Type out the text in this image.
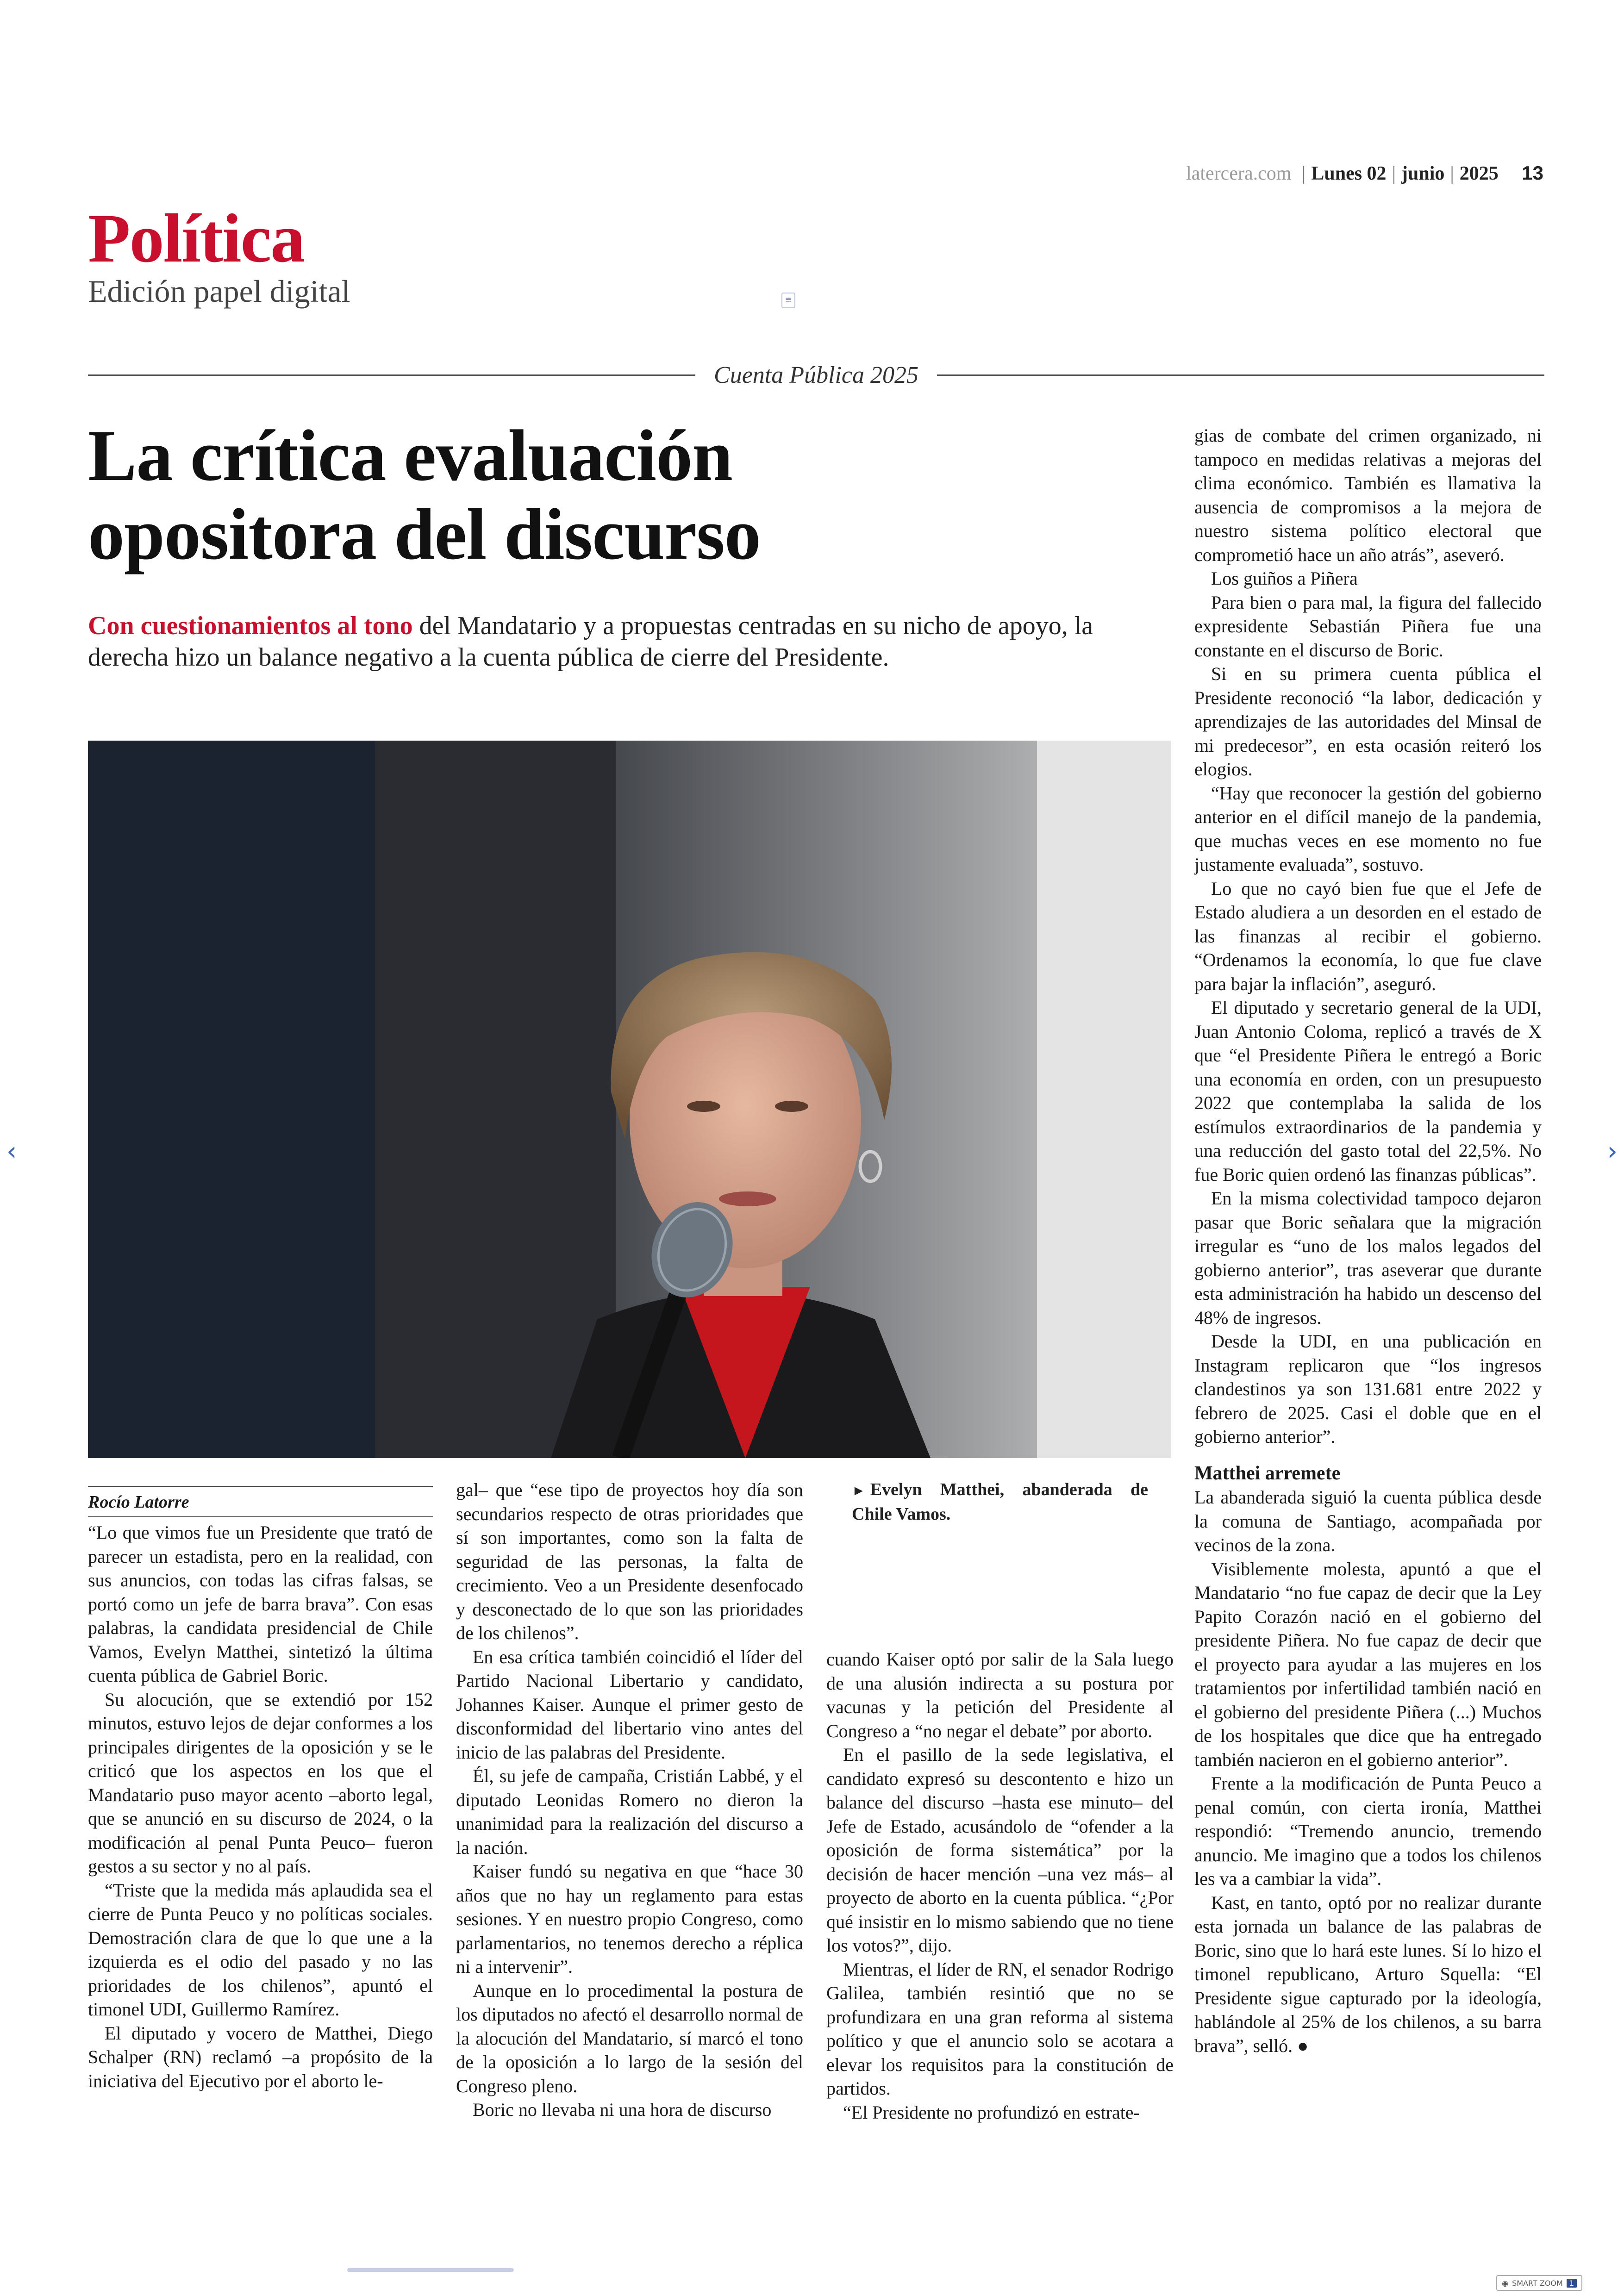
latercera.com | Lunes 02 | junio | 2025 13
Política
Edición papel digital	≡
Cuenta Pública 2025
La crítica evaluación
opositora del discurso
Con cuestionamientos al tono del Mandatario y a propuestas centradas en su nicho de apoyo, la derecha hizo un balance negativo a la cuenta pública de cierre del Presidente.
Rocío Latorre

“Lo que vimos fue un Presidente que trató de parecer un estadista, pero en la realidad, con sus anuncios, con todas las cifras falsas, se portó como un jefe de barra brava”. Con esas palabras, la candidata presidencial de Chile Vamos, Evelyn Matthei, sintetizó la última cuenta pública de Gabriel Boric.

Su alocución, que se extendió por 152 minutos, estuvo lejos de dejar conformes a los principales dirigentes de la oposición y se le criticó que los aspectos en los que el Mandatario puso mayor acento –aborto legal, que se anunció en su discurso de 2024, o la modificación al penal Punta Peuco– fueron gestos a su sector y no al país.

“Triste que la medida más aplaudida sea el cierre de Punta Peuco y no políticas sociales. Demostración clara de que lo que une a la izquierda es el odio del pasado y no las prioridades de los chilenos”, apuntó el timonel UDI, Guillermo Ramírez.

El diputado y vocero de Matthei, Diego Schalper (RN) reclamó –a propósito de la iniciativa del Ejecutivo por el aborto le-

gal– que “ese tipo de proyectos hoy día son secundarios respecto de otras prioridades que sí son importantes, como son la falta de seguridad de las personas, la falta de crecimiento. Veo a un Presidente desenfocado y desconectado de lo que son las prioridades de los chilenos”.

En esa crítica también coincidió el líder del Partido Nacional Libertario y candidato, Johannes Kaiser. Aunque el primer gesto de disconformidad del libertario vino antes del inicio de las palabras del Presidente.

Él, su jefe de campaña, Cristián Labbé, y el diputado Leonidas Romero no dieron la unanimidad para la realización del discurso a la nación.

Kaiser fundó su negativa en que “hace 30 años que no hay un reglamento para estas sesiones. Y en nuestro propio Congreso, como parlamentarios, no tenemos derecho a réplica ni a intervenir”.

Aunque en lo procedimental la postura de los diputados no afectó el desarrollo normal de la alocución del Mandatario, sí marcó el tono de la oposición a lo largo de la sesión del Congreso pleno.

Boric no llevaba ni una hora de discurso

► Evelyn Matthei, abanderada de Chile Vamos.

cuando Kaiser optó por salir de la Sala luego de una alusión indirecta a su postura por vacunas y la petición del Presidente al Congreso a “no negar el debate” por aborto.

En el pasillo de la sede legislativa, el candidato expresó su descontento e hizo un balance del discurso –hasta ese minuto– del Jefe de Estado, acusándolo de “ofender a la oposición de forma sistemática” por la decisión de hacer mención –una vez más– al proyecto de aborto en la cuenta pública. “¿Por qué insistir en lo mismo sabiendo que no tiene los votos?”, dijo.

Mientras, el líder de RN, el senador Rodrigo Galilea, también resintió que no se profundizara en una gran reforma al sistema político y que el anuncio solo se acotara a elevar los requisitos para la constitución de partidos.

“El Presidente no profundizó en estrate-

gias de combate del crimen organizado, ni tampoco en medidas relativas a mejoras del clima económico. También es llamativa la ausencia de compromisos a la mejora de nuestro sistema político electoral que comprometió hace un año atrás”, aseveró.

Los guiños a Piñera

Para bien o para mal, la figura del fallecido expresidente Sebastián Piñera fue una constante en el discurso de Boric.

Si en su primera cuenta pública el Presidente reconoció “la labor, dedicación y aprendizajes de las autoridades del Minsal de mi predecesor”, en esta ocasión reiteró los elogios.

“Hay que reconocer la gestión del gobierno anterior en el difícil manejo de la pandemia, que muchas veces en ese momento no fue justamente evaluada”, sostuvo.

Lo que no cayó bien fue que el Jefe de Estado aludiera a un desorden en el estado de las finanzas al recibir el gobierno. “Ordenamos la economía, lo que fue clave para bajar la inflación”, aseguró.

El diputado y secretario general de la UDI, Juan Antonio Coloma, replicó a través de X que “el Presidente Piñera le entregó a Boric una economía en orden, con un presupuesto 2022 que contemplaba la salida de los estímulos extraordinarios de la pandemia y una reducción del gasto total del 22,5%. No fue Boric quien ordenó las finanzas públicas”.

En la misma colectividad tampoco dejaron pasar que Boric señalara que la migración irregular es “uno de los malos legados del gobierno anterior”, tras aseverar que durante esta administración ha habido un descenso del 48% de ingresos.

Desde la UDI, en una publicación en Instagram replicaron que “los ingresos clandestinos ya son 131.681 entre 2022 y febrero de 2025. Casi el doble que en el gobierno anterior”.

Matthei arremete

La abanderada siguió la cuenta pública desde la comuna de Santiago, acompañada por vecinos de la zona.

Visiblemente molesta, apuntó a que el Mandatario “no fue capaz de decir que la Ley Papito Corazón nació en el gobierno del presidente Piñera. No fue capaz de decir que el proyecto para ayudar a las mujeres en los tratamientos por infertilidad también nació en el gobierno del presidente Piñera (...) Muchos de los hospitales que dice que ha entregado también nacieron en el gobierno anterior”.

Frente a la modificación de Punta Peuco a penal común, con cierta ironía, Matthei respondió: “Tremendo anuncio, tremendo anuncio. Me imagino que a todos los chilenos les va a cambiar la vida”.

Kast, en tanto, optó por no realizar durante esta jornada un balance de las palabras de Boric, sino que lo hará este lunes. Sí lo hizo el timonel republicano, Arturo Squella: “El Presidente sigue capturado por la ideología, hablándole al 25% de los chilenos, a su barra brava”, selló. ●

‹	›
◉ SMART ZOOM 1
